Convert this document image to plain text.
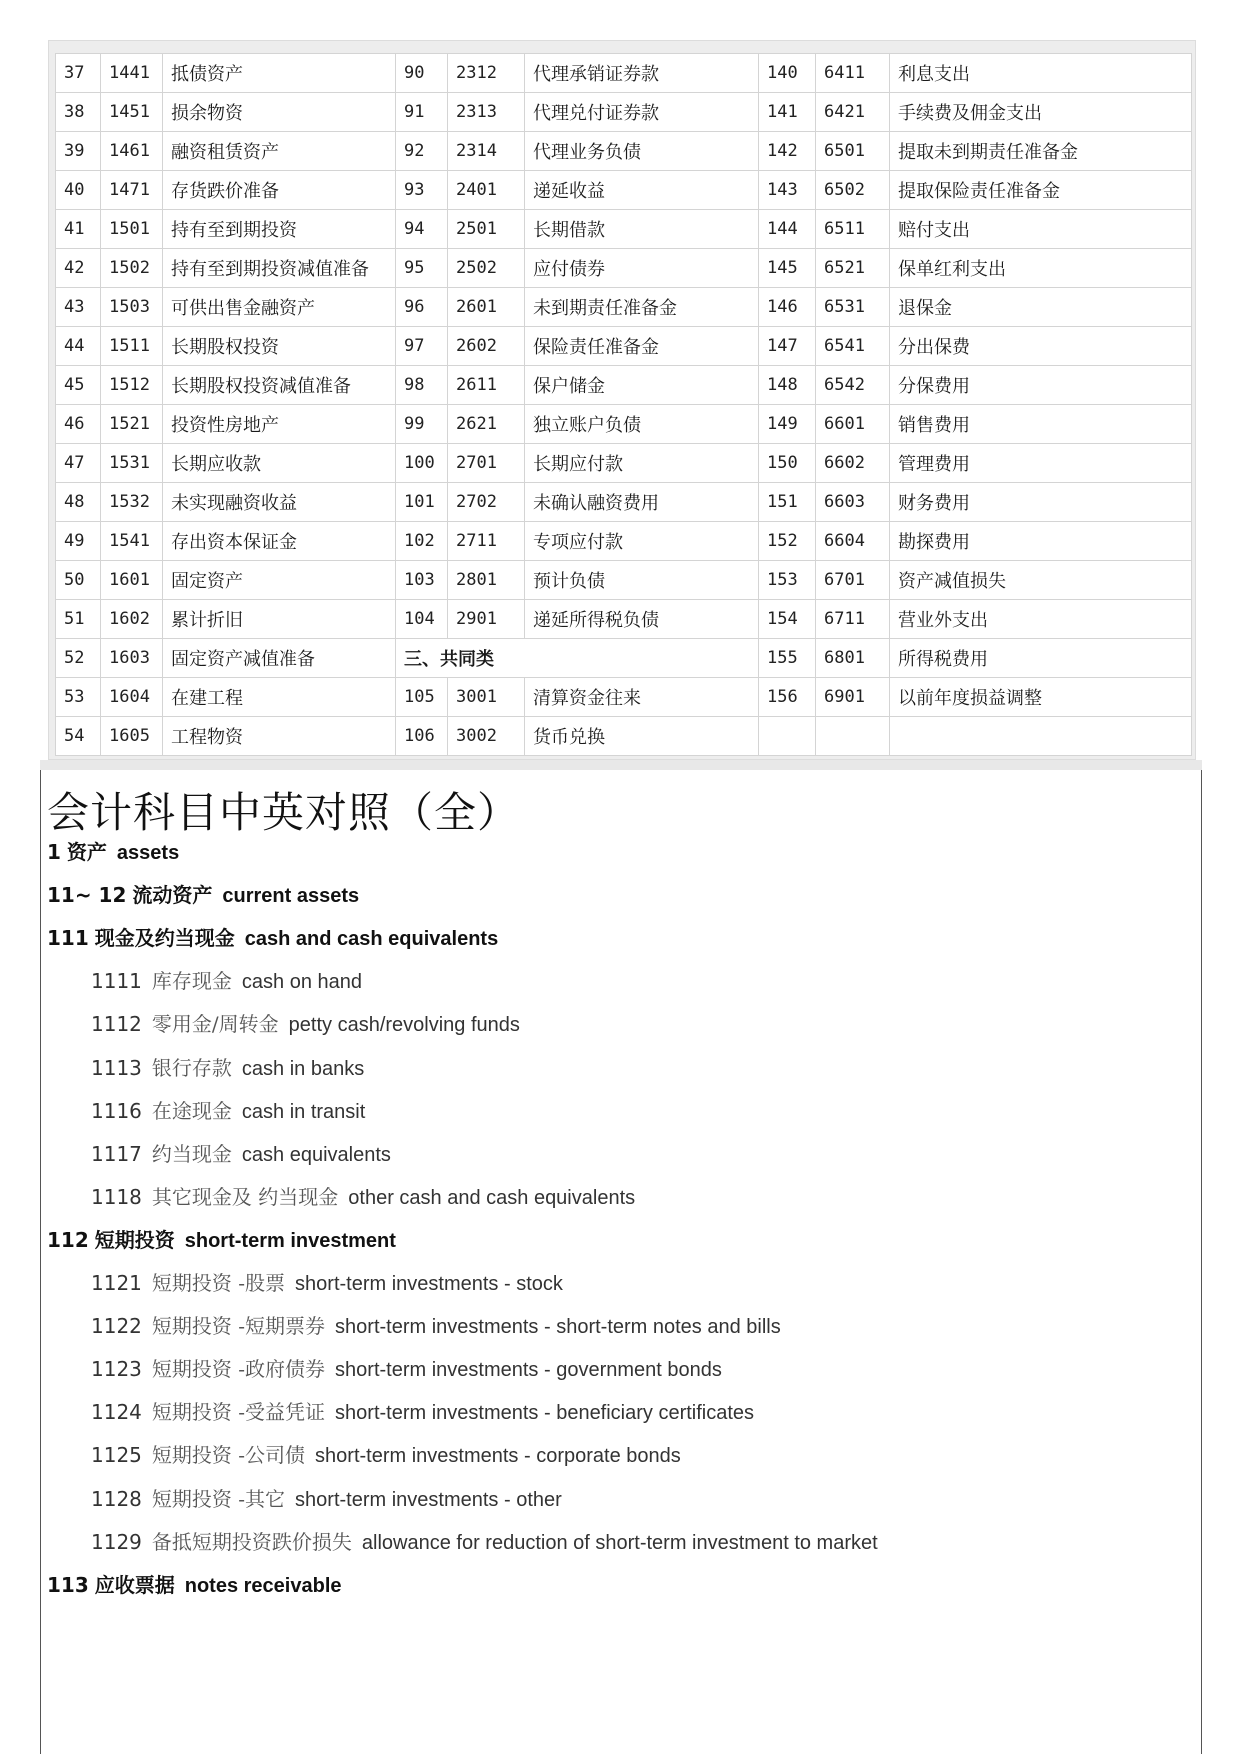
37	1441	抵债资产	90	2312	代理承销证券款	140	6411	利息支出
38	1451	损余物资	91	2313	代理兑付证券款	141	6421	手续费及佣金支出
39	1461	融资租赁资产	92	2314	代理业务负债	142	6501	提取未到期责任准备金
40	1471	存货跌价准备	93	2401	递延收益	143	6502	提取保险责任准备金
41	1501	持有至到期投资	94	2501	长期借款	144	6511	赔付支出
42	1502	持有至到期投资减值准备	95	2502	应付债券	145	6521	保单红利支出
43	1503	可供出售金融资产	96	2601	未到期责任准备金	146	6531	退保金
44	1511	长期股权投资	97	2602	保险责任准备金	147	6541	分出保费
45	1512	长期股权投资减值准备	98	2611	保户储金	148	6542	分保费用
46	1521	投资性房地产	99	2621	独立账户负债	149	6601	销售费用
47	1531	长期应收款	100	2701	长期应付款	150	6602	管理费用
48	1532	未实现融资收益	101	2702	未确认融资费用	151	6603	财务费用
49	1541	存出资本保证金	102	2711	专项应付款	152	6604	勘探费用
50	1601	固定资产	103	2801	预计负债	153	6701	资产减值损失
51	1602	累计折旧	104	2901	递延所得税负债	154	6711	营业外支出
52	1603	固定资产减值准备	三、共同类			155	6801	所得税费用
53	1604	在建工程	105	3001	清算资金往来	156	6901	以前年度损益调整
54	1605	工程物资	106	3002	货币兑换			
会计科目中英对照（全）
1 资产 assets
11~ 12 流动资产 current assets
111 现金及约当现金 cash and cash equivalents
1111 库存现金 cash on hand
1112 零用金/周转金 petty cash/revolving funds
1113 银行存款 cash in banks
1116 在途现金 cash in transit
1117 约当现金 cash equivalents
1118 其它现金及 约当现金 other cash and cash equivalents
112 短期投资 short-term investment
1121 短期投资 -股票 short-term investments - stock
1122 短期投资 -短期票券 short-term investments - short-term notes and bills
1123 短期投资 -政府债券 short-term investments - government bonds
1124 短期投资 -受益凭证 short-term investments - beneficiary certificates
1125 短期投资 -公司债 short-term investments - corporate bonds
1128 短期投资 -其它 short-term investments - other
1129 备抵短期投资跌价损失 allowance for reduction of short-term investment to market
113 应收票据 notes receivable
